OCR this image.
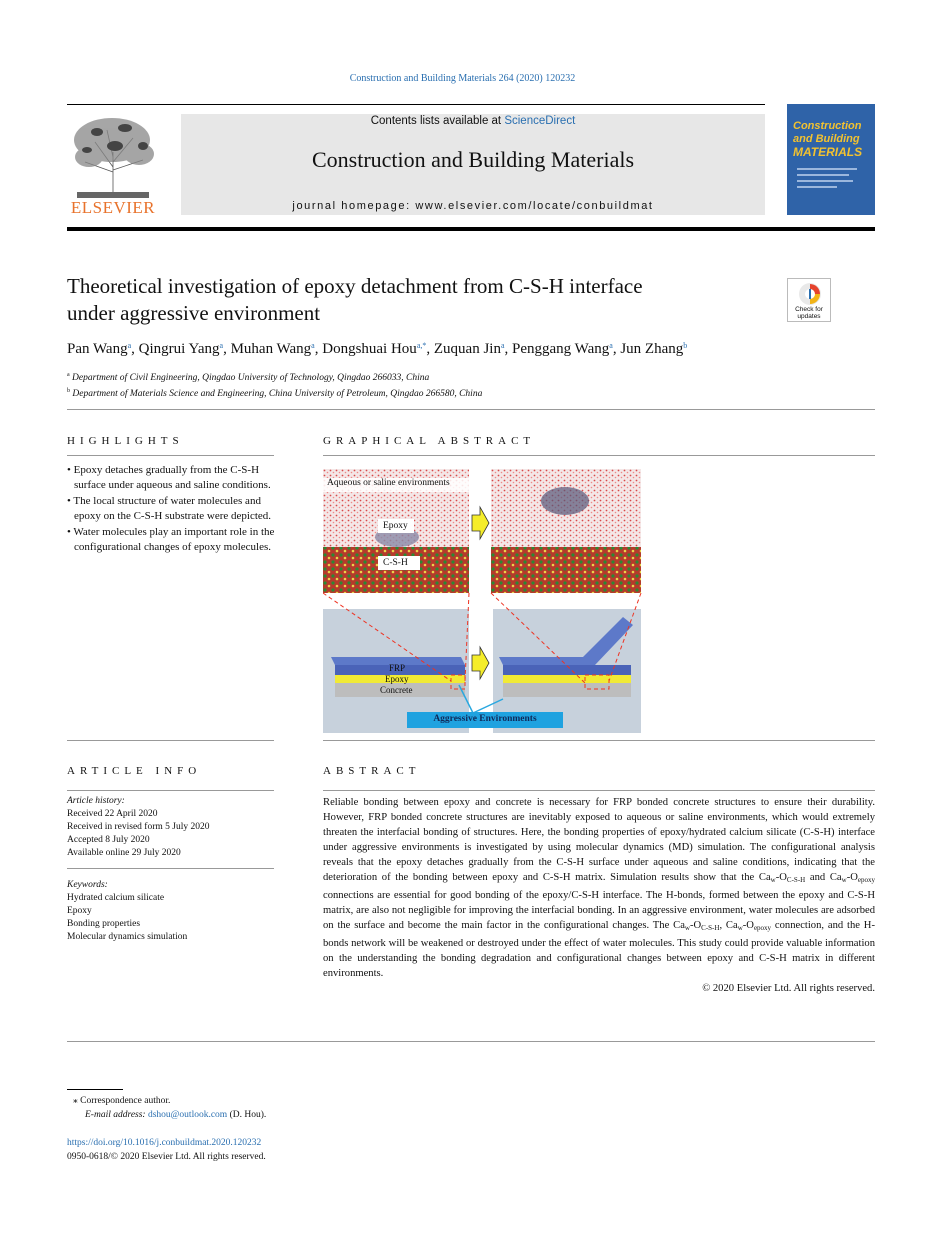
Construction and Building Materials 264 (2020) 120232
ELSEVIER
Contents lists available at ScienceDirect
Construction and Building Materials
journal homepage: www.elsevier.com/locate/conbuildmat
Construction
and Building
MATERIALS
Theoretical investigation of epoxy detachment from C-S-H interface
under aggressive environment	Check for updates
Pan Wang$^a$, Qingrui Yang$^a$, Muhan Wang$^a$, Dongshuai Hou$^{a,*}$, Zuquan Jin$^a$, Penggang Wang$^a$, Jun Zhang$^b$
$^a$ Department of Civil Engineering, Qingdao University of Technology, Qingdao 266033, China
$^b$ Department of Materials Science and Engineering, China University of Petroleum, Qingdao 266580, China
HIGHLIGHTS
• Epoxy detaches gradually from the C-S-H surface under aqueous and saline conditions.
• The local structure of water molecules and epoxy on the C-S-H substrate were depicted.
• Water molecules play an important role in the configurational changes of epoxy molecules.
GRAPHICAL ABSTRACT
Aqueous or saline environments
Epoxy
C-S-H
FRP
Epoxy
Concrete
Aggressive Environments
ARTICLE INFO
Article history:
Received 22 April 2020
Received in revised form 5 July 2020
Accepted 8 July 2020
Available online 29 July 2020
Keywords:
Hydrated calcium silicate
Epoxy
Bonding properties
Molecular dynamics simulation
ABSTRACT
Reliable bonding between epoxy and concrete is necessary for FRP bonded concrete structures to ensure their durability. However, FRP bonded concrete structures are inevitably exposed to aqueous or saline environments, which would extremely threaten the interfacial bonding of structures. Here, the bonding properties of epoxy/hydrated calcium silicate (C-S-H) interface under aggressive environments is investigated by using molecular dynamics (MD) simulation. The configurational analysis reveals that the epoxy detaches gradually from the C-S-H surface under aqueous and saline conditions, indicating that the deterioration of the bonding between epoxy and C-S-H matrix. Simulation results show that the $Ca_w-O_{C-S-H}$ and $Ca_w-O_{epoxy}$ connections are essential for good bonding of the epoxy/C-S-H interface. The H-bonds, formed between the epoxy and C-S-H matrix, are also not negligible for improving the interfacial bonding. In an aggressive environment, water molecules are adsorbed on the surface and become the main factor in the configurational changes. The $Ca_w-O_{C-S-H}$, $Ca_w-O_{epoxy}$ connection, and the H-bonds network will be weakened or destroyed under the effect of water molecules. This study could provide valuable information on the understanding the bonding degradation and configurational changes between epoxy and C-S-H matrix in different environments.
© 2020 Elsevier Ltd. All rights reserved.
⁎ Correspondence author.
E-mail address: dshou@outlook.com (D. Hou).
https://doi.org/10.1016/j.conbuildmat.2020.120232
0950-0618/© 2020 Elsevier Ltd. All rights reserved.
